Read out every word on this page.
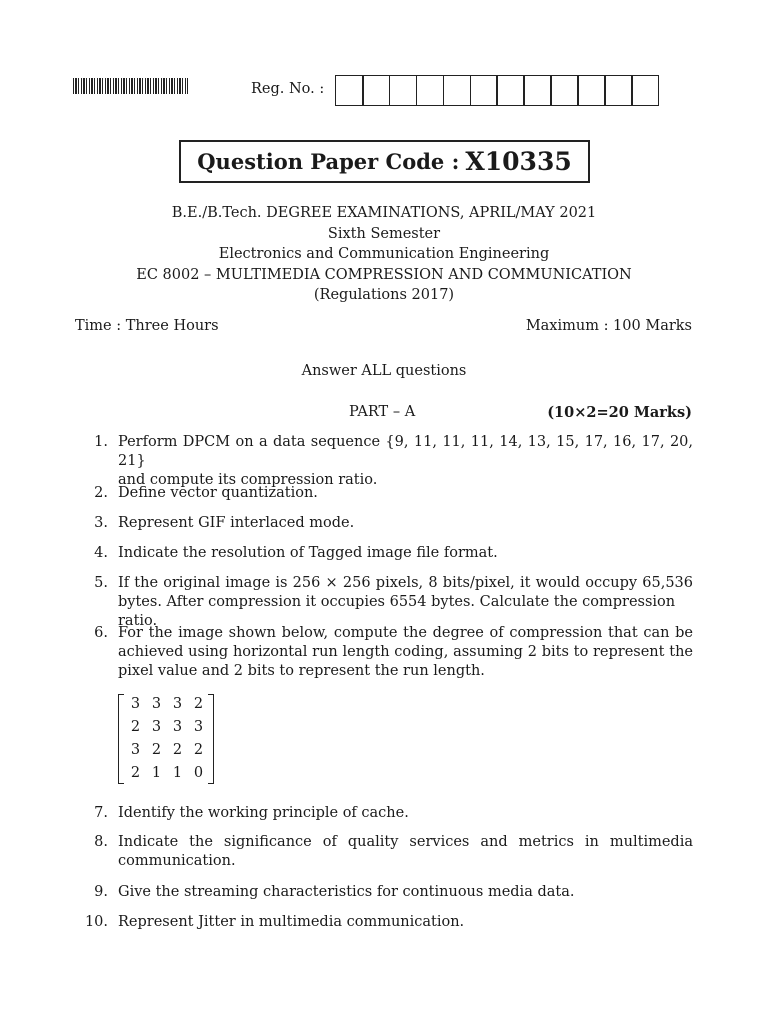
Reg. No. :
Question Paper Code : X10335
B.E./B.Tech. DEGREE EXAMINATIONS, APRIL/MAY 2021
Sixth Semester
Electronics and Communication Engineering
EC 8002 – MULTIMEDIA COMPRESSION AND COMMUNICATION
(Regulations 2017)
Time : Three Hours	Maximum : 100 Marks
Answer ALL questions
PART – A	(10×2=20 Marks)
1. Perform DPCM on a data sequence {9, 11, 11, 11, 14, 13, 15, 17, 16, 17, 20, 21}
and compute its compression ratio.
2. Define vector quantization.
3. Represent GIF interlaced mode.
4. Indicate the resolution of Tagged image file format.
5. If the original image is 256 × 256 pixels, 8 bits/pixel, it would occupy 65,536
bytes. After compression it occupies 6554 bytes. Calculate the compression ratio.
6. For the image shown below, compute the degree of compression that can be
achieved using horizontal run length coding, assuming 2 bits to represent the
pixel value and 2 bits to represent the run length.
7. Identify the working principle of cache.
8. Indicate the significance of quality services and metrics in multimedia
communication.
9. Give the streaming characteristics for continuous media data.
10. Represent Jitter in multimedia communication.
3 3 3 2
2 3 3 3
3 2 2 2
2 1 1 0
